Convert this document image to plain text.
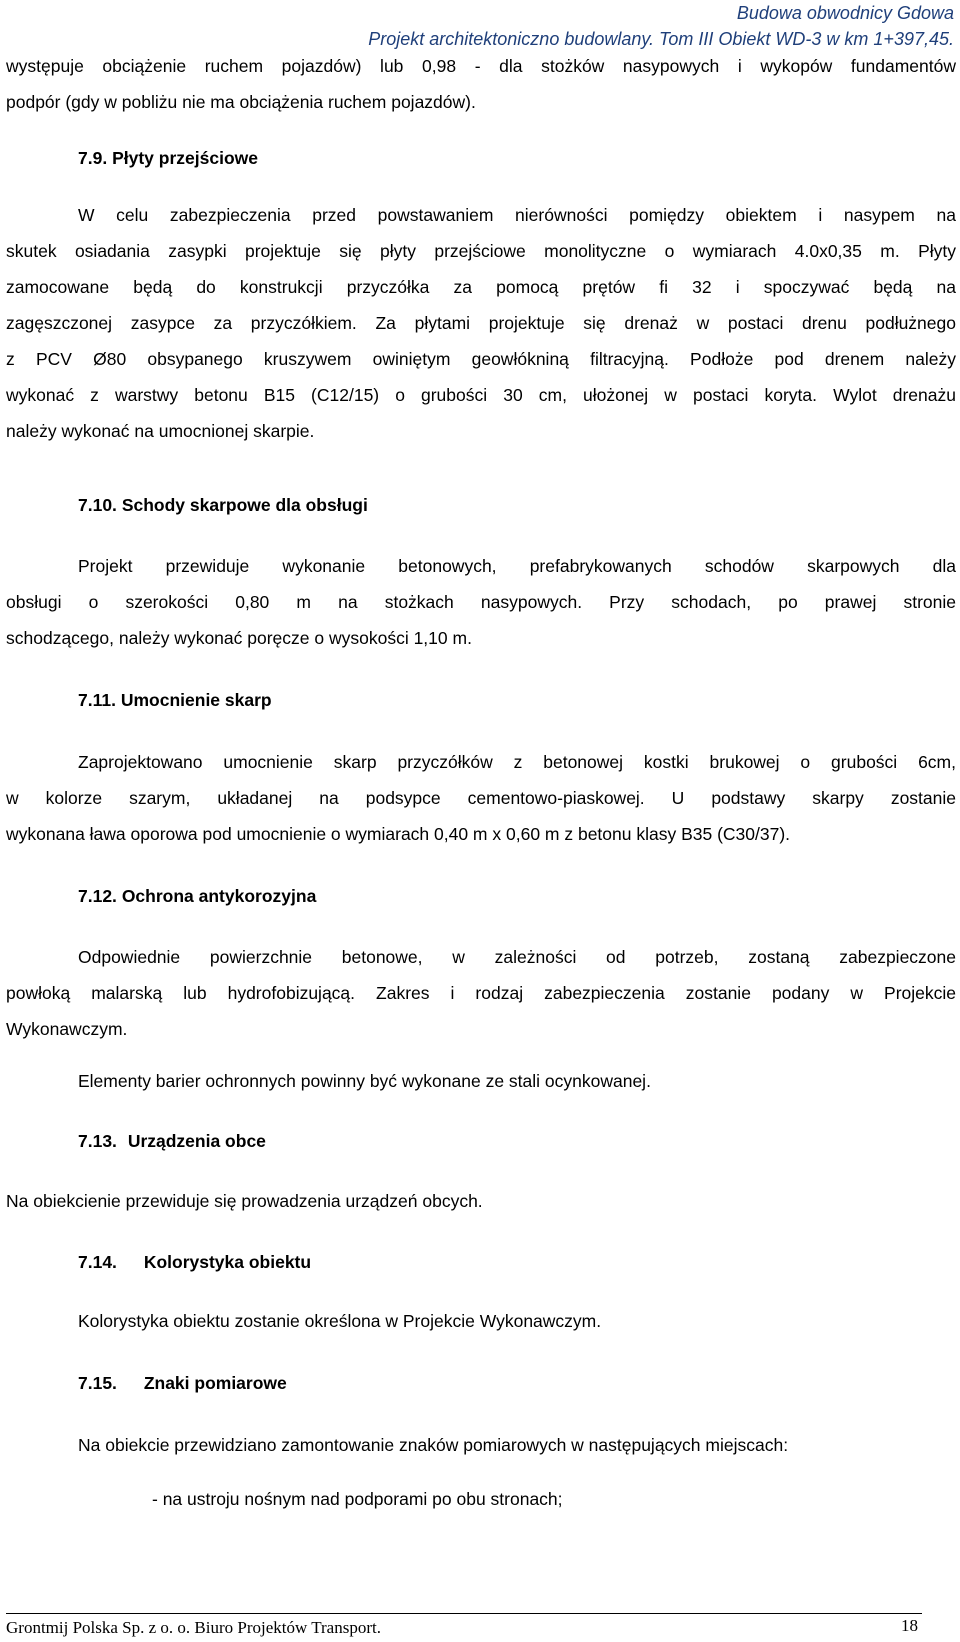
Budowa obwodnicy Gdowa
Projekt architektoniczno budowlany. Tom III Obiekt WD-3 w km 1+397,45.
występuje obciążenie ruchem pojazdów) lub 0,98 - dla stożków nasypowych i wykopów fundamentów
podpór (gdy w pobliżu nie ma obciążenia ruchem pojazdów).
7.9. Płyty przejściowe
W celu zabezpieczenia przed powstawaniem nierówności pomiędzy obiektem i nasypem na
skutek osiadania zasypki projektuje się płyty przejściowe monolityczne o wymiarach 4.0x0,35 m. Płyty
zamocowane będą do konstrukcji przyczółka za pomocą prętów fi 32 i spoczywać będą na
zagęszczonej zasypce za przyczółkiem. Za płytami projektuje się drenaż w postaci drenu podłużnego
z PCV Ø80 obsypanego kruszywem owiniętym geowłókniną filtracyjną. Podłoże pod drenem należy
wykonać z warstwy betonu B15 (C12/15) o grubości 30 cm, ułożonej w postaci koryta. Wylot drenażu
należy wykonać na umocnionej skarpie.
7.10. Schody skarpowe dla obsługi
Projekt przewiduje wykonanie betonowych, prefabrykowanych schodów skarpowych dla
obsługi o szerokości 0,80 m na stożkach nasypowych. Przy schodach, po prawej stronie
schodzącego, należy wykonać poręcze o wysokości 1,10 m.
7.11. Umocnienie skarp
Zaprojektowano umocnienie skarp przyczółków z betonowej kostki brukowej o grubości 6cm,
w kolorze szarym, układanej na podsypce cementowo-piaskowej. U podstawy skarpy zostanie
wykonana ława oporowa pod umocnienie o wymiarach 0,40 m x 0,60 m z betonu klasy B35 (C30/37).
7.12. Ochrona antykorozyjna
Odpowiednie powierzchnie betonowe, w zależności od potrzeb, zostaną zabezpieczone
powłoką malarską lub hydrofobizującą. Zakres i rodzaj zabezpieczenia zostanie podany w Projekcie
Wykonawczym.
Elementy barier ochronnych powinny być wykonane ze stali ocynkowanej.
7.13. Urządzenia obce
Na obiekcienie przewiduje się prowadzenia urządzeń obcych.
7.14. Kolorystyka obiektu
Kolorystyka obiektu zostanie określona w Projekcie Wykonawczym.
7.15. Znaki pomiarowe
Na obiekcie przewidziano zamontowanie znaków pomiarowych w następujących miejscach:
- na ustroju nośnym nad podporami po obu stronach;
Grontmij Polska Sp. z o. o. Biuro Projektów Transport.	18
